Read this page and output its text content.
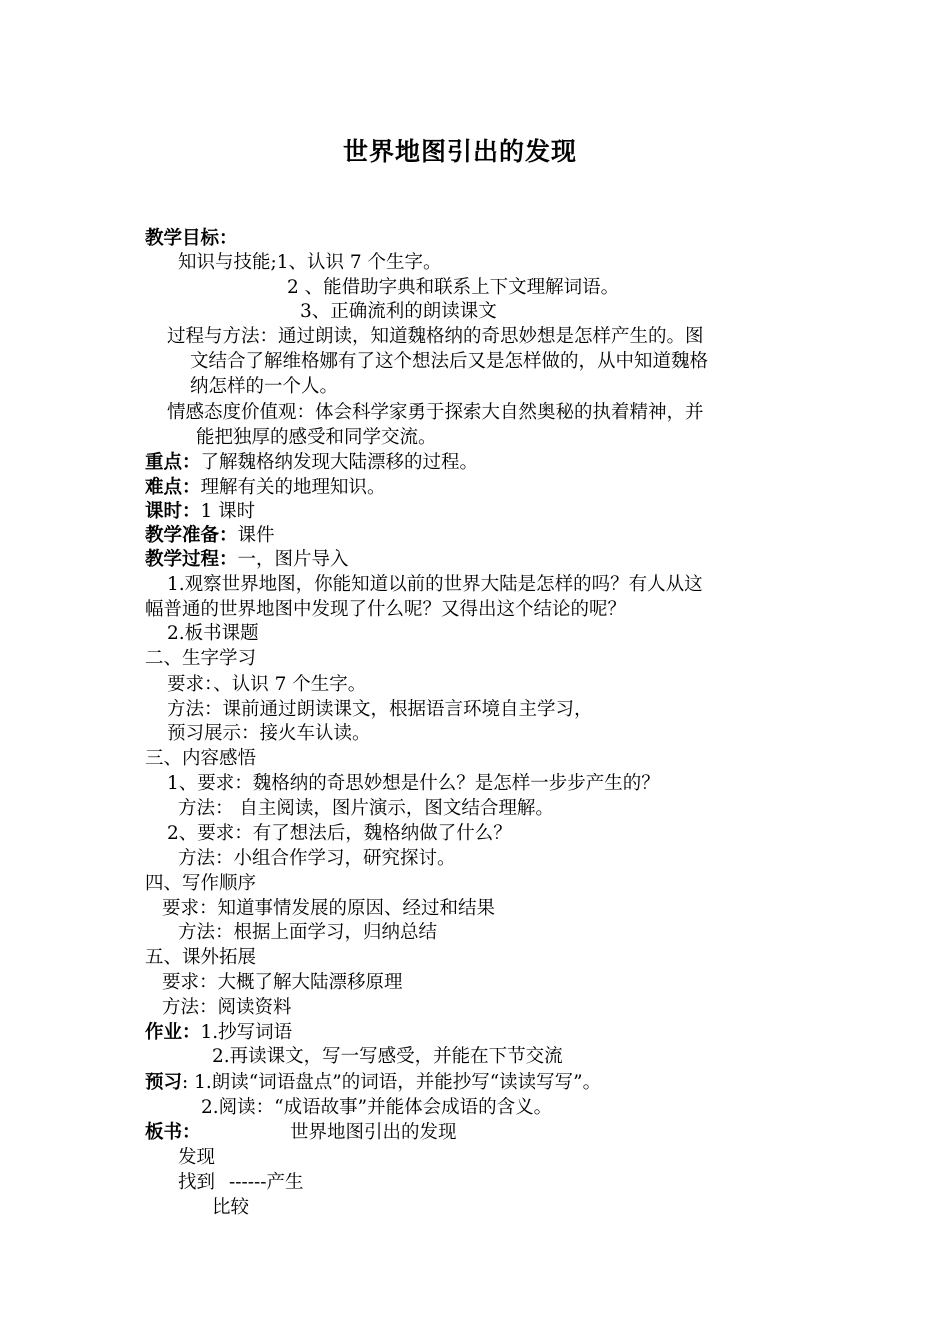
世界地图引出的发现
教学目标：
知识与技能;1、认识 7 个生字。
2 、能借助字典和联系上下文理解词语。
3、正确流利的朗读课文
过程与方法：通过朗读，知道魏格纳的奇思妙想是怎样产生的。图
文结合了解维格娜有了这个想法后又是怎样做的，从中知道魏格
纳怎样的一个人。
情感态度价值观：体会科学家勇于探索大自然奥秘的执着精神，并
能把独厚的感受和同学交流。
重点：了解魏格纳发现大陆漂移的过程。
难点：理解有关的地理知识。
课时：1 课时
教学准备：课件
教学过程：一，图片导入
1.观察世界地图，你能知道以前的世界大陆是怎样的吗？有人从这
幅普通的世界地图中发现了什么呢？又得出这个结论的呢？
2.板书课题
二、生字学习
要求：、认识 7 个生字。
方法：课前通过朗读课文，根据语言环境自主学习，
预习展示：接火车认读。
三、内容感悟
1、要求：魏格纳的奇思妙想是什么？是怎样一步步产生的？
方法： 自主阅读，图片演示，图文结合理解。
2、要求：有了想法后，魏格纳做了什么？
方法：小组合作学习，研究探讨。
四、写作顺序
要求：知道事情发展的原因、经过和结果
方法：根据上面学习，归纳总结
五、课外拓展
要求：大概了解大陆漂移原理
方法：阅读资料
作业：1.抄写词语
2.再读课文，写一写感受，并能在下节交流
预习: 1.朗读“词语盘点”的词语，并能抄写“读读写写”。
2.阅读：“成语故事”并能体会成语的含义。
板书：	世界地图引出的发现
发现
找到 ------产生
比较
